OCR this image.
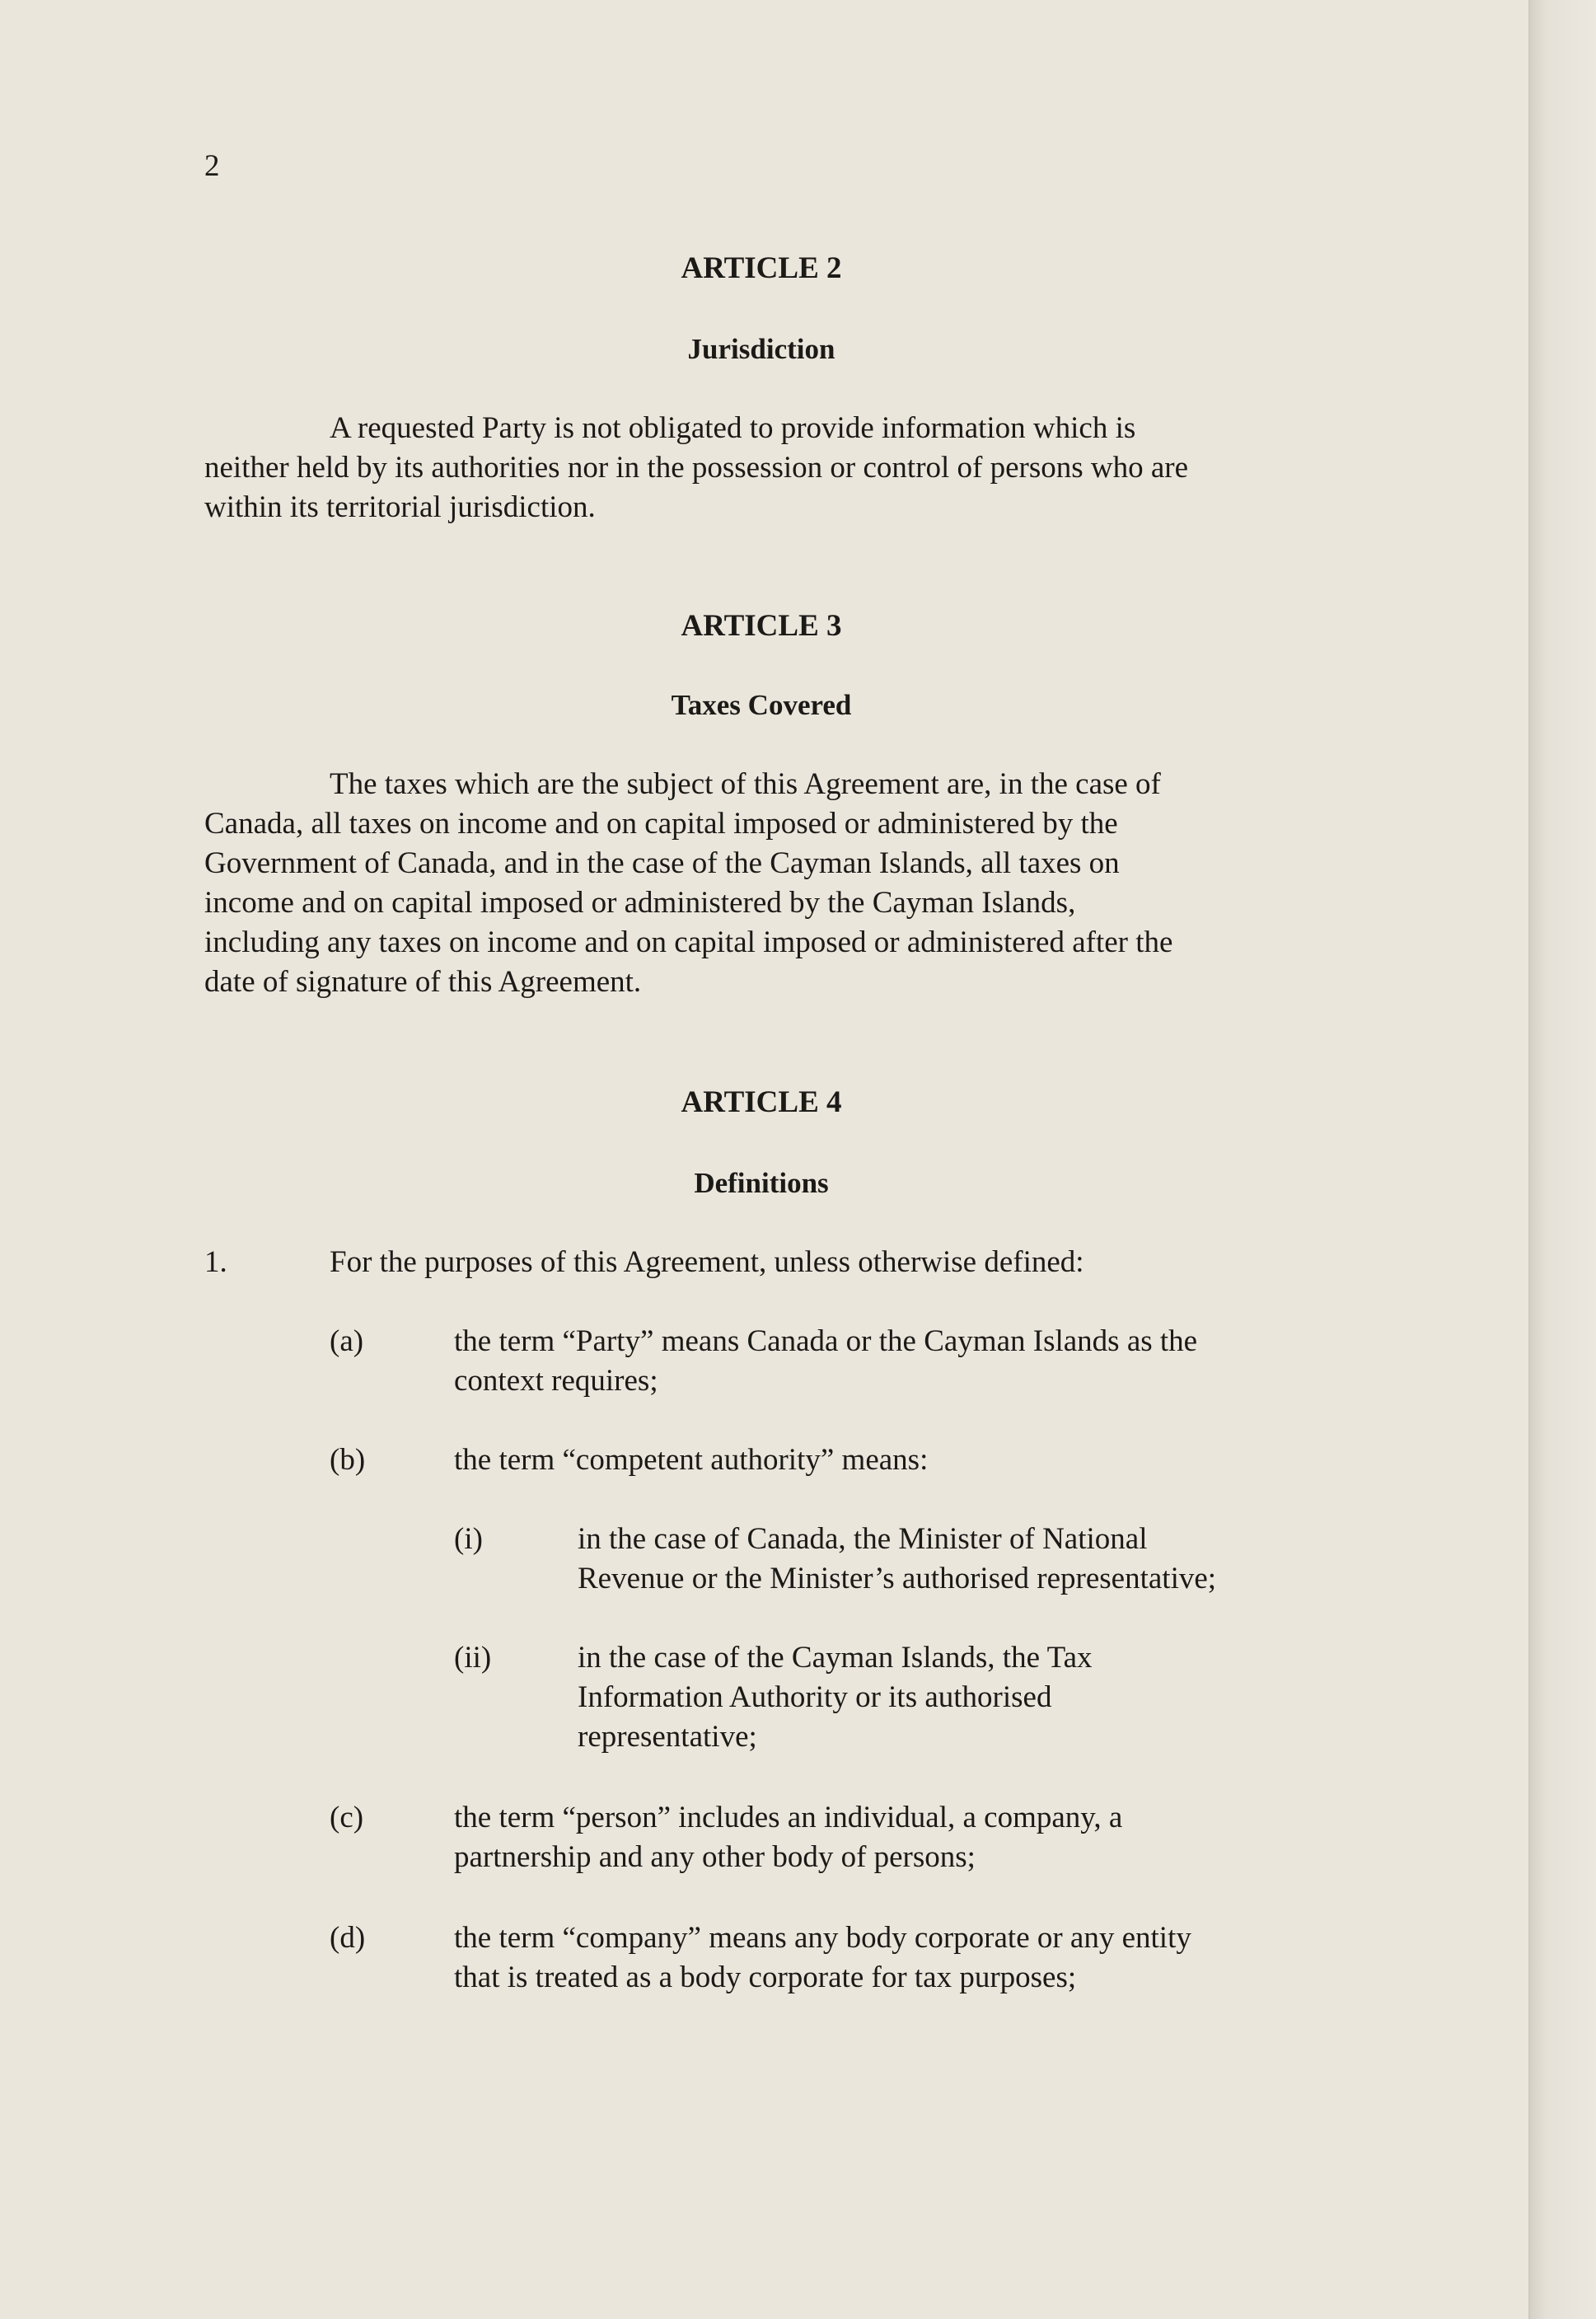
2
ARTICLE 2
Jurisdiction

A requested Party is not obligated to provide information which is
neither held by its authorities nor in the possession or control of persons who are
within its territorial jurisdiction.

ARTICLE 3
Taxes Covered

The taxes which are the subject of this Agreement are, in the case of
Canada, all taxes on income and on capital imposed or administered by the
Government of Canada, and in the case of the Cayman Islands, all taxes on
income and on capital imposed or administered by the Cayman Islands,
including any taxes on income and on capital imposed or administered after the
date of signature of this Agreement.

ARTICLE 4
Definitions
1.	For the purposes of this Agreement, unless otherwise defined:

(a)	the term “Party” means Canada or the Cayman Islands as the
context requires;

(b)	the term “competent authority” means:

(i)	in the case of Canada, the Minister of National
Revenue or the Minister’s authorised representative;

(ii)	in the case of the Cayman Islands, the Tax
Information Authority or its authorised
representative;

(c)	the term “person” includes an individual, a company, a
partnership and any other body of persons;

(d)	the term “company” means any body corporate or any entity
that is treated as a body corporate for tax purposes;
